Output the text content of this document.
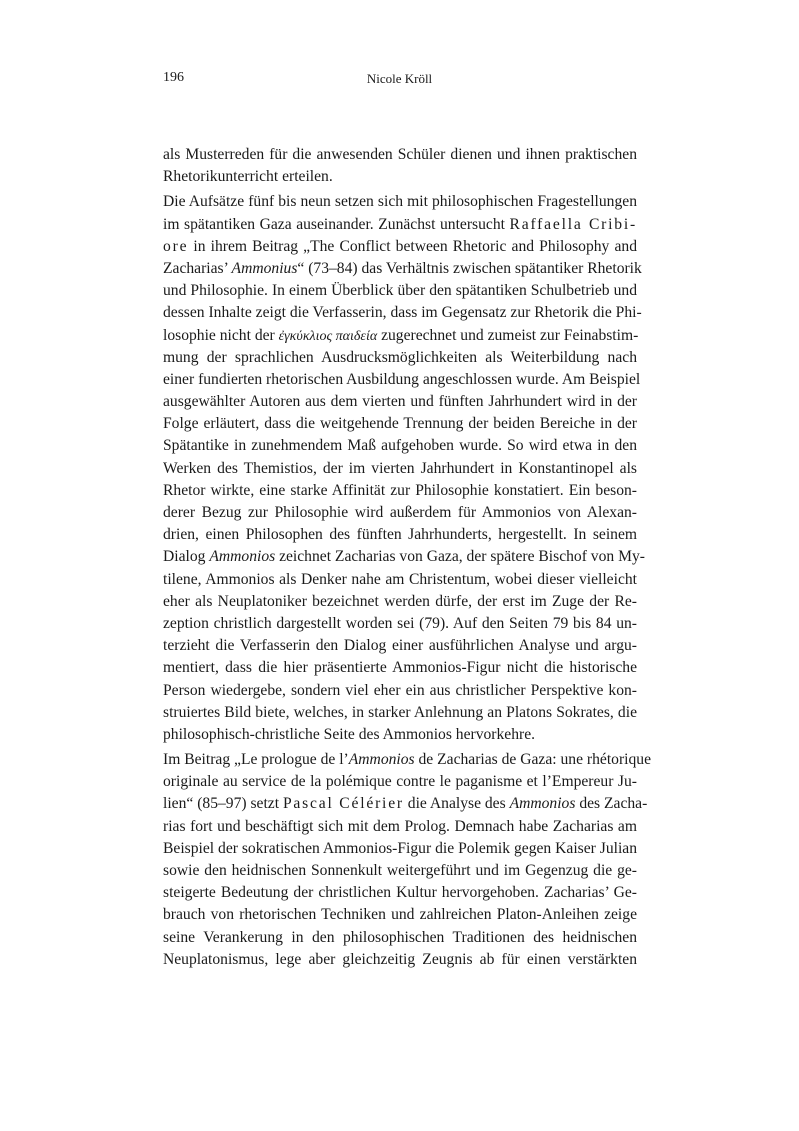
196	Nicole Kröll
als Musterreden für die anwesenden Schüler dienen und ihnen praktischen
Rhetorikunterricht erteilen.
Die Aufsätze fünf bis neun setzen sich mit philosophischen Fragestellungen
im spätantiken Gaza auseinander. Zunächst untersucht Raffaella Cribi-
ore in ihrem Beitrag „The Conflict between Rhetoric and Philosophy and
Zacharias’ Ammonius“ (73–84) das Verhältnis zwischen spätantiker Rhetorik
und Philosophie. In einem Überblick über den spätantiken Schulbetrieb und
dessen Inhalte zeigt die Verfasserin, dass im Gegensatz zur Rhetorik die Phi-
losophie nicht der ἐγκύκλιος παιδεία zugerechnet und zumeist zur Feinabstim-
mung der sprachlichen Ausdrucksmöglichkeiten als Weiterbildung nach
einer fundierten rhetorischen Ausbildung angeschlossen wurde. Am Beispiel
ausgewählter Autoren aus dem vierten und fünften Jahrhundert wird in der
Folge erläutert, dass die weitgehende Trennung der beiden Bereiche in der
Spätantike in zunehmendem Maß aufgehoben wurde. So wird etwa in den
Werken des Themistios, der im vierten Jahrhundert in Konstantinopel als
Rhetor wirkte, eine starke Affinität zur Philosophie konstatiert. Ein beson-
derer Bezug zur Philosophie wird außerdem für Ammonios von Alexan-
drien, einen Philosophen des fünften Jahrhunderts, hergestellt. In seinem
Dialog Ammonios zeichnet Zacharias von Gaza, der spätere Bischof von My-
tilene, Ammonios als Denker nahe am Christentum, wobei dieser vielleicht
eher als Neuplatoniker bezeichnet werden dürfe, der erst im Zuge der Re-
zeption christlich dargestellt worden sei (79). Auf den Seiten 79 bis 84 un-
terzieht die Verfasserin den Dialog einer ausführlichen Analyse und argu-
mentiert, dass die hier präsentierte Ammonios-Figur nicht die historische
Person wiedergebe, sondern viel eher ein aus christlicher Perspektive kon-
struiertes Bild biete, welches, in starker Anlehnung an Platons Sokrates, die
philosophisch-christliche Seite des Ammonios hervorkehre.
Im Beitrag „Le prologue de l’Ammonios de Zacharias de Gaza: une rhétorique
originale au service de la polémique contre le paganisme et l’Empereur Ju-
lien“ (85–97) setzt Pascal Célérier die Analyse des Ammonios des Zacha-
rias fort und beschäftigt sich mit dem Prolog. Demnach habe Zacharias am
Beispiel der sokratischen Ammonios-Figur die Polemik gegen Kaiser Julian
sowie den heidnischen Sonnenkult weitergeführt und im Gegenzug die ge-
steigerte Bedeutung der christlichen Kultur hervorgehoben. Zacharias’ Ge-
brauch von rhetorischen Techniken und zahlreichen Platon-Anleihen zeige
seine Verankerung in den philosophischen Traditionen des heidnischen
Neuplatonismus, lege aber gleichzeitig Zeugnis ab für einen verstärkten
